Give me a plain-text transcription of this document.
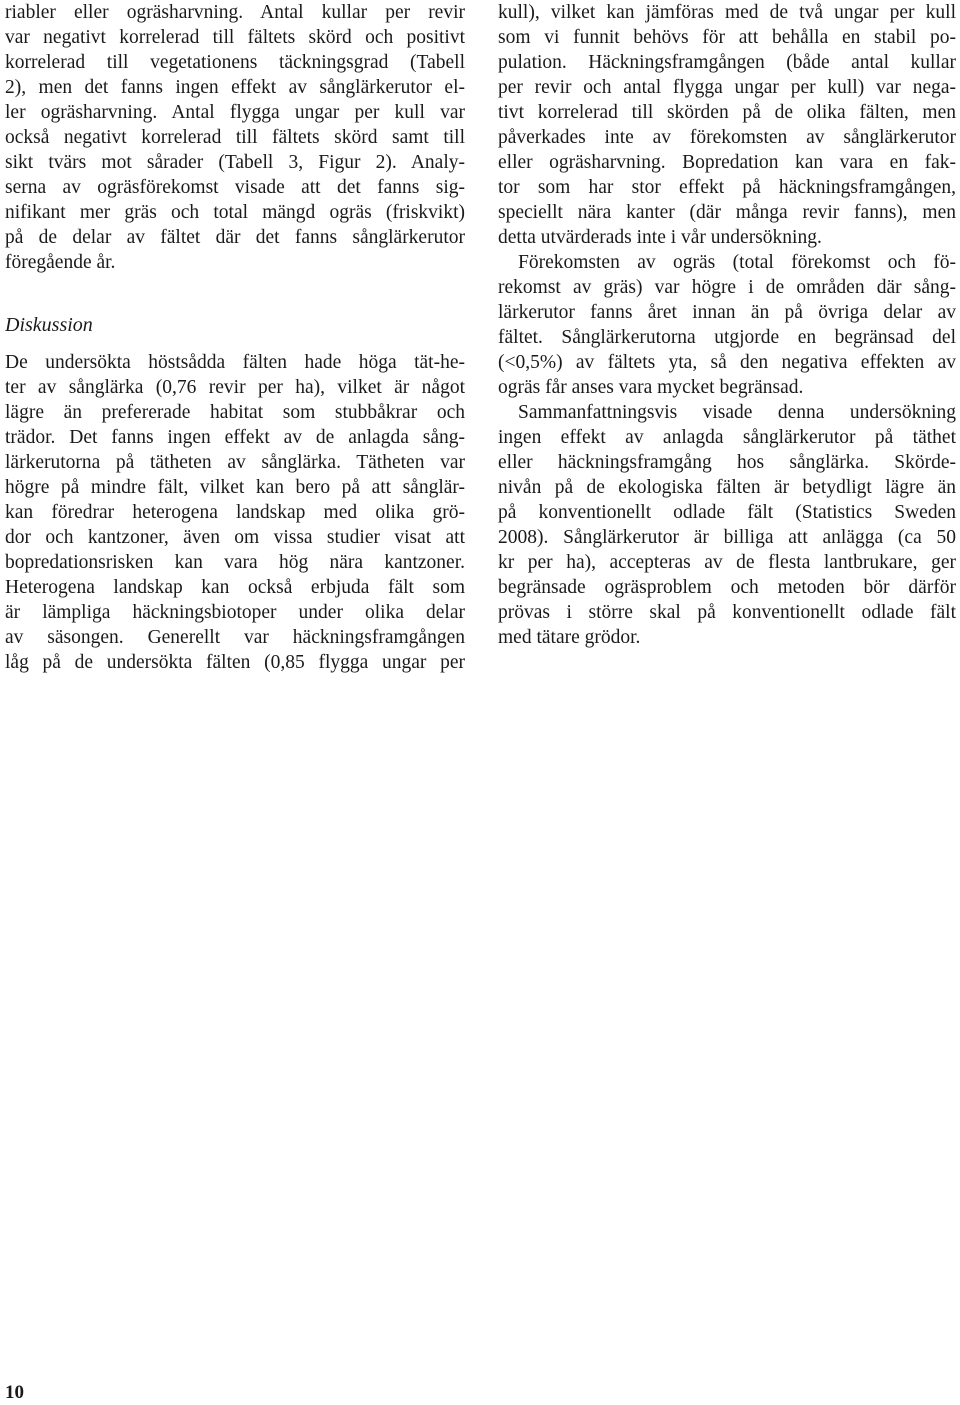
riabler eller ogräsharvning. Antal kullar per revir
var negativt korrelerad till fältets skörd och positivt
korrelerad till vegetationens täckningsgrad (Tabell
2), men det fanns ingen effekt av sånglärkerutor el-
ler ogräsharvning. Antal flygga ungar per kull var
också negativt korrelerad till fältets skörd samt till
sikt tvärs mot sårader (Tabell 3, Figur 2). Analy-
serna av ogräsförekomst visade att det fanns sig-
nifikant mer gräs och total mängd ogräs (friskvikt)
på de delar av fältet där det fanns sånglärkerutor
föregående år.
Diskussion
De undersökta höstsådda fälten hade höga tät-he-
ter av sånglärka (0,76 revir per ha), vilket är något
lägre än prefererade habitat som stubbåkrar och
trädor. Det fanns ingen effekt av de anlagda sång-
lärkerutorna på tätheten av sånglärka. Tätheten var
högre på mindre fält, vilket kan bero på att sånglär-
kan föredrar heterogena landskap med olika grö-
dor och kantzoner, även om vissa studier visat att
bopredationsrisken kan vara hög nära kantzoner.
Heterogena landskap kan också erbjuda fält som
är lämpliga häckningsbiotoper under olika delar
av säsongen. Generellt var häckningsframgången
låg på de undersökta fälten (0,85 flygga ungar per
kull), vilket kan jämföras med de två ungar per kull
som vi funnit behövs för att behålla en stabil po-
pulation. Häckningsframgången (både antal kullar
per revir och antal flygga ungar per kull) var nega-
tivt korrelerad till skörden på de olika fälten, men
påverkades inte av förekomsten av sånglärkerutor
eller ogräsharvning. Bopredation kan vara en fak-
tor som har stor effekt på häckningsframgången,
speciellt nära kanter (där många revir fanns), men
detta utvärderads inte i vår undersökning.
Förekomsten av ogräs (total förekomst och fö-
rekomst av gräs) var högre i de områden där sång-
lärkerutor fanns året innan än på övriga delar av
fältet. Sånglärkerutorna utgjorde en begränsad del
(<0,5%) av fältets yta, så den negativa effekten av
ogräs får anses vara mycket begränsad.
Sammanfattningsvis visade denna undersökning
ingen effekt av anlagda sånglärkerutor på täthet
eller häckningsframgång hos sånglärka. Skörde-
nivån på de ekologiska fälten är betydligt lägre än
på konventionellt odlade fält (Statistics Sweden
2008). Sånglärkerutor är billiga att anlägga (ca 50
kr per ha), accepteras av de flesta lantbrukare, ger
begränsade ogräsproblem och metoden bör därför
prövas i större skal på konventionellt odlade fält
med tätare grödor.
10
